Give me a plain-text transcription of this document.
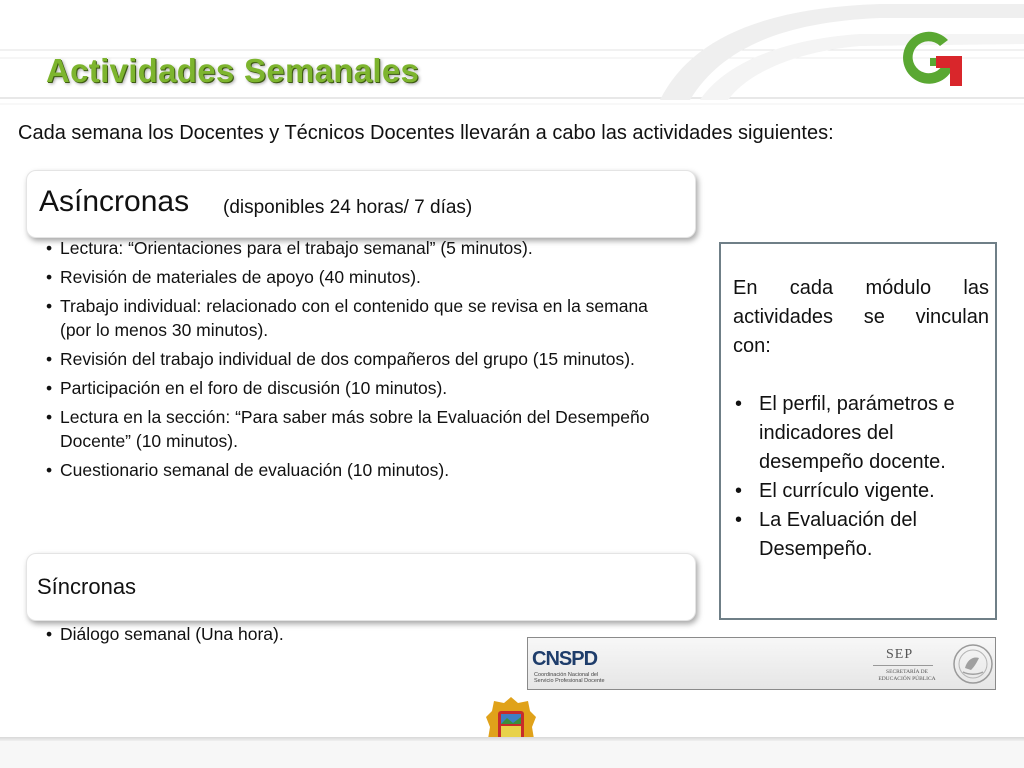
Actividades Semanales
Cada semana los Docentes y Técnicos Docentes llevarán a cabo las actividades siguientes:
Asíncronas (disponibles 24 horas/ 7 días)
• Lectura: “Orientaciones para el trabajo semanal” (5 minutos).
• Revisión de materiales de apoyo (40 minutos).
• Trabajo individual: relacionado con el contenido que se revisa en la semana (por lo menos 30 minutos).
• Revisión del trabajo individual de dos compañeros del grupo (15 minutos).
• Participación en el foro de discusión (10 minutos).
• Lectura en la sección: “Para saber más sobre la Evaluación del Desempeño Docente” (10 minutos).
• Cuestionario semanal de evaluación (10 minutos).
Síncronas
• Diálogo semanal (Una hora).
En cada módulo las
actividades se vinculan
con:
• El perfil, parámetros e indicadores del desempeño docente.
• El currículo vigente.
• La Evaluación del Desempeño.
CNSPD
Coordinación Nacional del Servicio Profesional Docente
SEP
SECRETARÍA DE EDUCACIÓN PÚBLICA
